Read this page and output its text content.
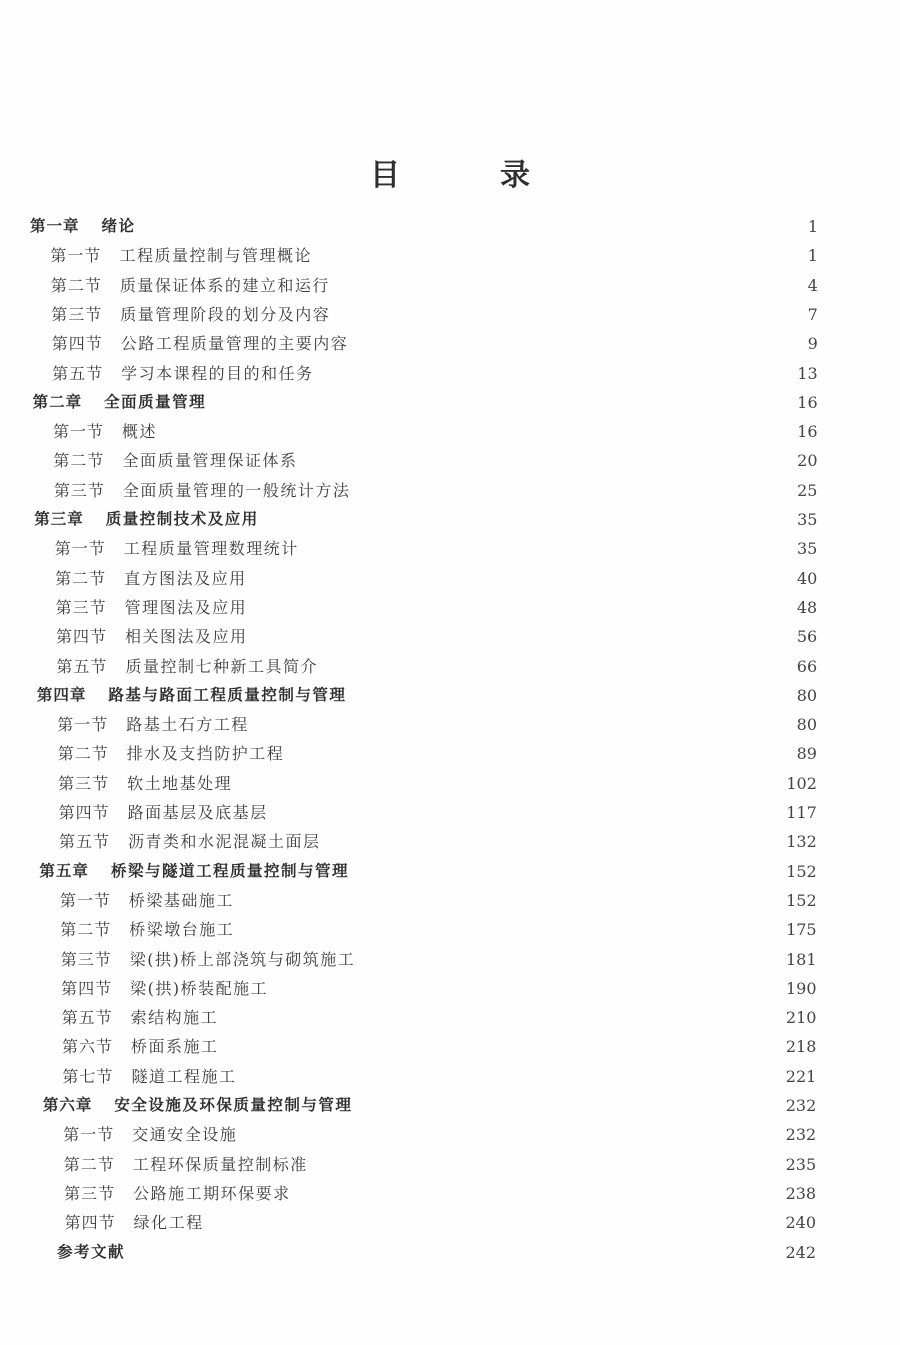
目	录
第一章 绪论	1
第一节 工程质量控制与管理概论	1
第二节 质量保证体系的建立和运行	4
第三节 质量管理阶段的划分及内容	7
第四节 公路工程质量管理的主要内容	9
第五节 学习本课程的目的和任务	13
第二章 全面质量管理	16
第一节 概述	16
第二节 全面质量管理保证体系	20
第三节 全面质量管理的一般统计方法	25
第三章 质量控制技术及应用	35
第一节 工程质量管理数理统计	35
第二节 直方图法及应用	40
第三节 管理图法及应用	48
第四节 相关图法及应用	56
第五节 质量控制七种新工具简介	66
第四章 路基与路面工程质量控制与管理	80
第一节 路基土石方工程	80
第二节 排水及支挡防护工程	89
第三节 软土地基处理	102
第四节 路面基层及底基层	117
第五节 沥青类和水泥混凝土面层	132
第五章 桥梁与隧道工程质量控制与管理	152
第一节 桥梁基础施工	152
第二节 桥梁墩台施工	175
第三节 梁(拱)桥上部浇筑与砌筑施工	181
第四节 梁(拱)桥装配施工	190
第五节 索结构施工	210
第六节 桥面系施工	218
第七节 隧道工程施工	221
第六章 安全设施及环保质量控制与管理	232
第一节 交通安全设施	232
第二节 工程环保质量控制标准	235
第三节 公路施工期环保要求	238
第四节 绿化工程	240
参考文献	242
